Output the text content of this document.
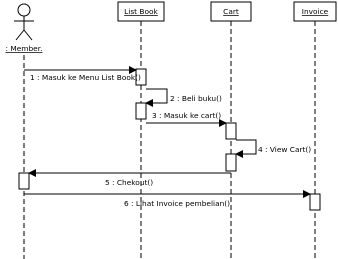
: Member.
List Book	Cart	Invoice
1 : Masuk ke Menu List Book()
2 : Beli buku()
3 : Masuk ke cart()
4 : View Cart()
5 : Chekout()
6 : Lihat Invoice pembelian()
